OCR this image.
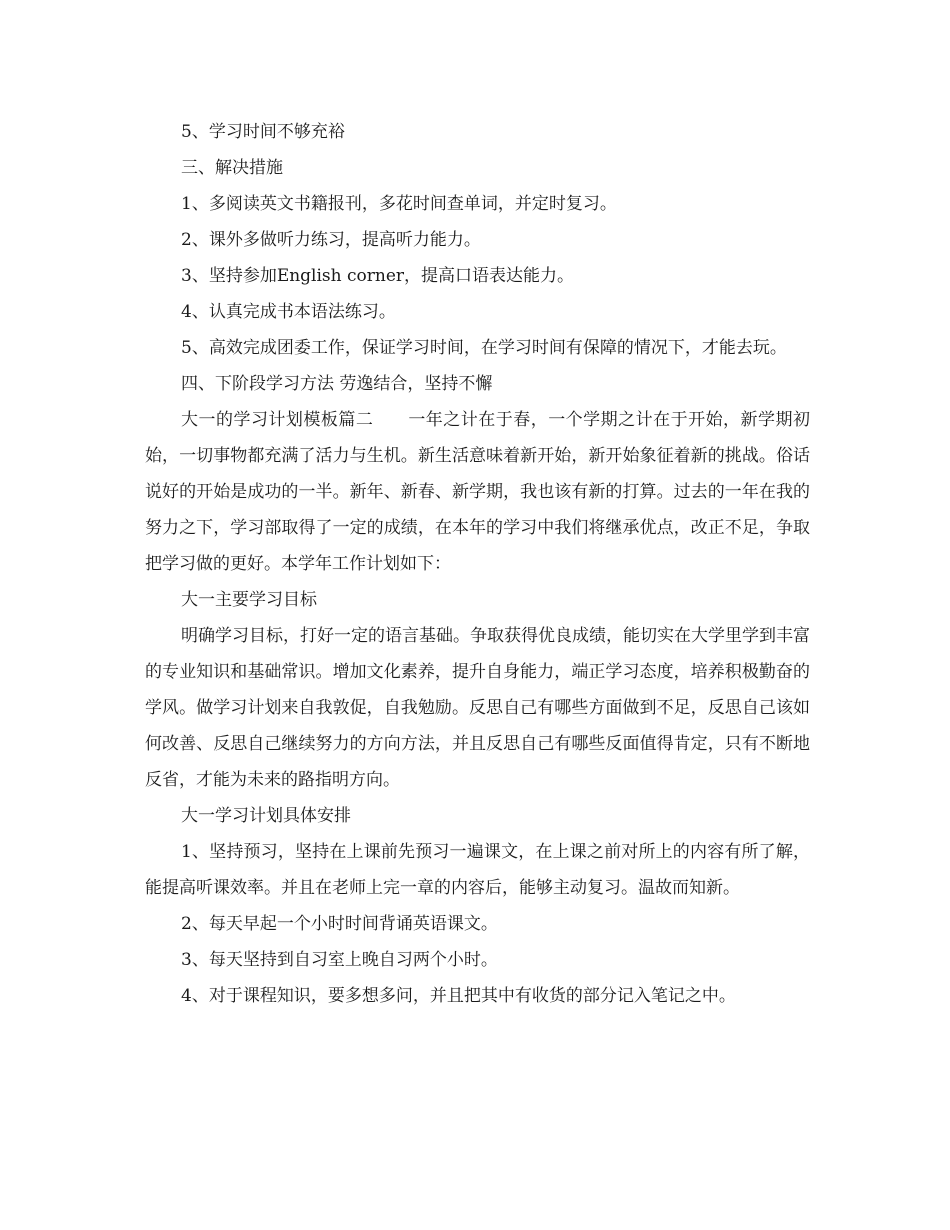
5、学习时间不够充裕

三、解决措施

1、多阅读英文书籍报刊，多花时间查单词，并定时复习。

2、课外多做听力练习，提高听力能力。

3、坚持参加English corner，提高口语表达能力。

4、认真完成书本语法练习。

5、高效完成团委工作，保证学习时间，在学习时间有保障的情况下，才能去玩。

四、下阶段学习方法 劳逸结合，坚持不懈

大一的学习计划模板篇二　　一年之计在于春，一个学期之计在于开始，新学期初始，一切事物都充满了活力与生机。新生活意味着新开始，新开始象征着新的挑战。俗话说好的开始是成功的一半。新年、新春、新学期，我也该有新的打算。过去的一年在我的努力之下，学习部取得了一定的成绩，在本年的学习中我们将继承优点，改正不足，争取把学习做的更好。本学年工作计划如下：

大一主要学习目标

明确学习目标，打好一定的语言基础。争取获得优良成绩，能切实在大学里学到丰富的专业知识和基础常识。增加文化素养，提升自身能力，端正学习态度，培养积极勤奋的学风。做学习计划来自我敦促，自我勉励。反思自己有哪些方面做到不足，反思自己该如何改善、反思自己继续努力的方向方法，并且反思自己有哪些反面值得肯定，只有不断地反省，才能为未来的路指明方向。

大一学习计划具体安排

1、坚持预习，坚持在上课前先预习一遍课文，在上课之前对所上的内容有所了解，能提高听课效率。并且在老师上完一章的内容后，能够主动复习。温故而知新。

2、每天早起一个小时时间背诵英语课文。

3、每天坚持到自习室上晚自习两个小时。

4、对于课程知识，要多想多问，并且把其中有收货的部分记入笔记之中。
